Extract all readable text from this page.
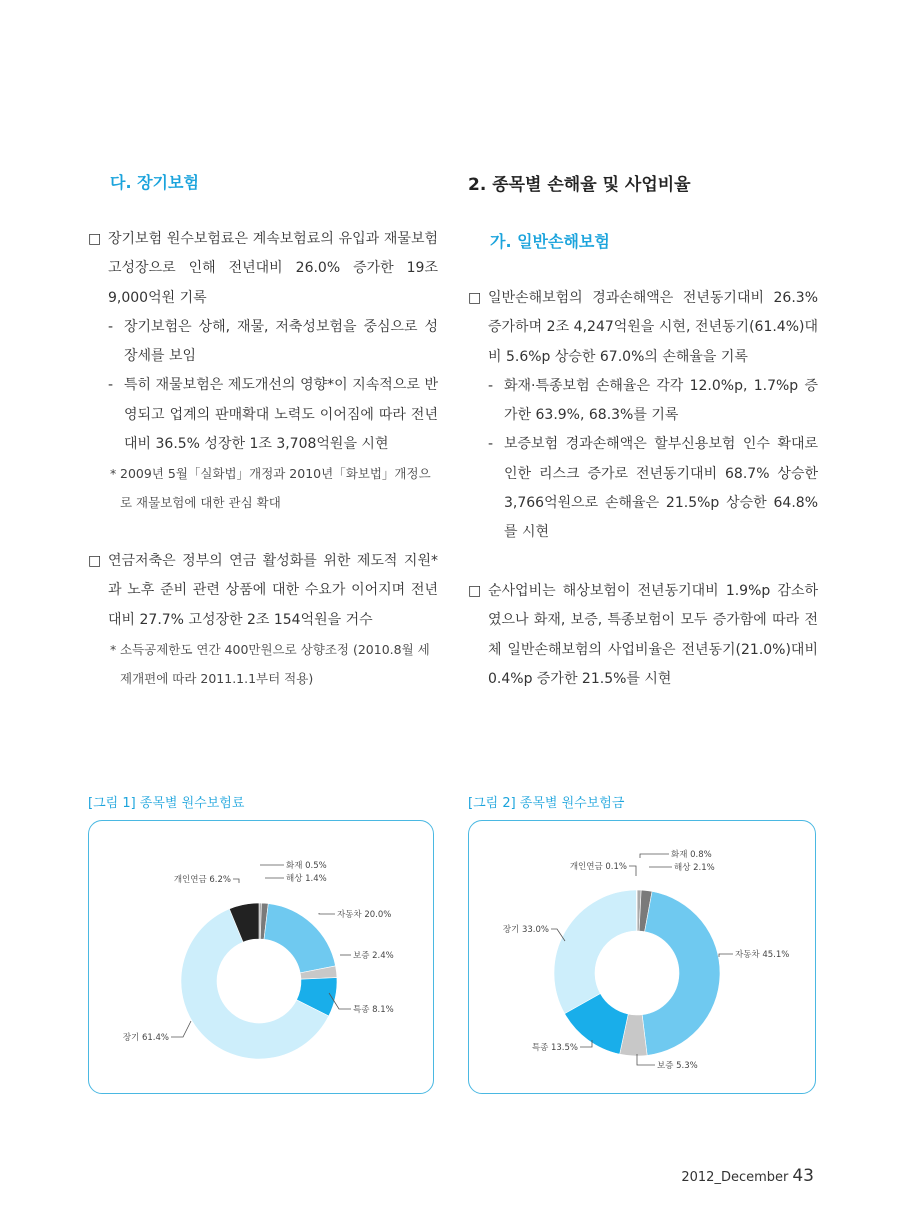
다. 장기보험
□ 장기보험 원수보험료은 계속보험료의 유입과 재물보험 고성장으로 인해 전년대비 26.0% 증가한 19조 9,000억원 기록
- 장기보험은 상해, 재물, 저축성보험을 중심으로 성장세를 보임
- 특히 재물보험은 제도개선의 영향*이 지속적으로 반영되고 업계의 판매확대 노력도 이어짐에 따라 전년대비 36.5% 성장한 1조 3,708억원을 시현
* 2009년 5월「실화법」개정과 2010년「화보법」개정으로 재물보험에 대한 관심 확대
□ 연금저축은 정부의 연금 활성화를 위한 제도적 지원*과 노후 준비 관련 상품에 대한 수요가 이어지며 전년대비 27.7% 고성장한 2조 154억원을 거수
* 소득공제한도 연간 400만원으로 상향조정 (2010.8월 세제개편에 따라 2011.1.1부터 적용)
[그림 1] 종목별 원수보험료
2. 종목별 손해율 및 사업비율
가. 일반손해보험
□ 일반손해보험의 경과손해액은 전년동기대비 26.3% 증가하며 2조 4,247억원을 시현, 전년동기(61.4%)대비 5.6%p 상승한 67.0%의 손해율을 기록
- 화재·특종보험 손해율은 각각 12.0%p, 1.7%p 증가한 63.9%, 68.3%를 기록
- 보증보험 경과손해액은 할부신용보험 인수 확대로 인한 리스크 증가로 전년동기대비 68.7% 상승한 3,766억원으로 손해율은 21.5%p 상승한 64.8%를 시현
□ 순사업비는 해상보험이 전년동기대비 1.9%p 감소하였으나 화재, 보증, 특종보험이 모두 증가함에 따라 전체 일반손해보험의 사업비율은 전년동기(21.0%)대비 0.4%p 증가한 21.5%를 시현
[그림 2] 종목별 원수보험금
화재 0.5%
해상 1.4%
자동차 20.0%
보증 2.4%
특종 8.1%
장기 61.4%
개인연금 6.2%
화재 0.8%
해상 2.1%
자동차 45.1%
보증 5.3%
특종 13.5%
장기 33.0%
개인연금 0.1%
2012_December 43
